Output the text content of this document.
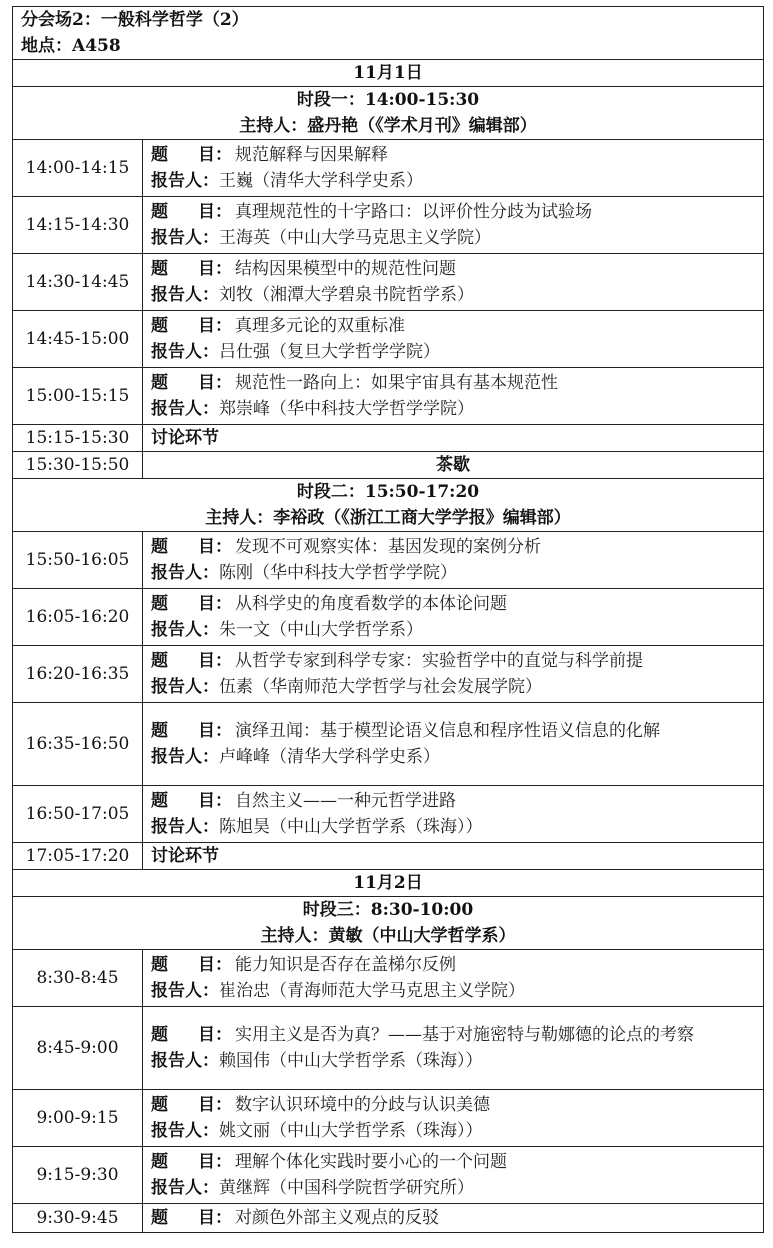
分会场2：一般科学哲学（2）
地点：A458	

11月1日	

时段一：14:00-15:30
主持人：盛丹艳（《学术月刊》编辑部）	

14:00-14:15	题 目： 规范解释与因果解释
报告人： 王巍（清华大学科学史系）

14:15-14:30	题 目： 真理规范性的十字路口：以评价性分歧为试验场
报告人： 王海英（中山大学马克思主义学院）

14:30-14:45	题 目： 结构因果模型中的规范性问题
报告人： 刘牧（湘潭大学碧泉书院哲学系）

14:45-15:00	题 目： 真理多元论的双重标准
报告人： 吕仕强（复旦大学哲学学院）

15:00-15:15	题 目： 规范性一路向上：如果宇宙具有基本规范性
报告人： 郑崇峰（华中科技大学哲学学院）

15:15-15:30	讨论环节
15:30-15:50	茶歇

时段二：15:50-17:20
主持人：李裕政（《浙江工商大学学报》编辑部）	

15:50-16:05	题 目： 发现不可观察实体：基因发现的案例分析
报告人： 陈刚（华中科技大学哲学学院）

16:05-16:20	题 目： 从科学史的角度看数学的本体论问题
报告人： 朱一文（中山大学哲学系）

16:20-16:35	题 目： 从哲学专家到科学专家：实验哲学中的直觉与科学前提
报告人： 伍素（华南师范大学哲学与社会发展学院）

16:35-16:50	题 目： 演绎丑闻：基于模型论语义信息和程序性语义信息的化解
报告人： 卢峰峰（清华大学科学史系）

16:50-17:05	题 目： 自然主义——一种元哲学进路
报告人： 陈旭昊（中山大学哲学系（珠海））

17:05-17:20	讨论环节
11月2日	

时段三：8:30-10:00
主持人：黄敏（中山大学哲学系）	

8:30-8:45	题 目： 能力知识是否存在盖梯尔反例
报告人： 崔治忠（青海师范大学马克思主义学院）

8:45-9:00	题 目： 实用主义是否为真？——基于对施密特与勒娜德的论点的考察
报告人： 赖国伟（中山大学哲学系（珠海））

9:00-9:15	题 目： 数字认识环境中的分歧与认识美德
报告人： 姚文丽（中山大学哲学系（珠海））

9:15-9:30	题 目： 理解个体化实践时要小心的一个问题
报告人： 黄继辉（中国科学院哲学研究所）

9:30-9:45	题 目： 对颜色外部主义观点的反驳
